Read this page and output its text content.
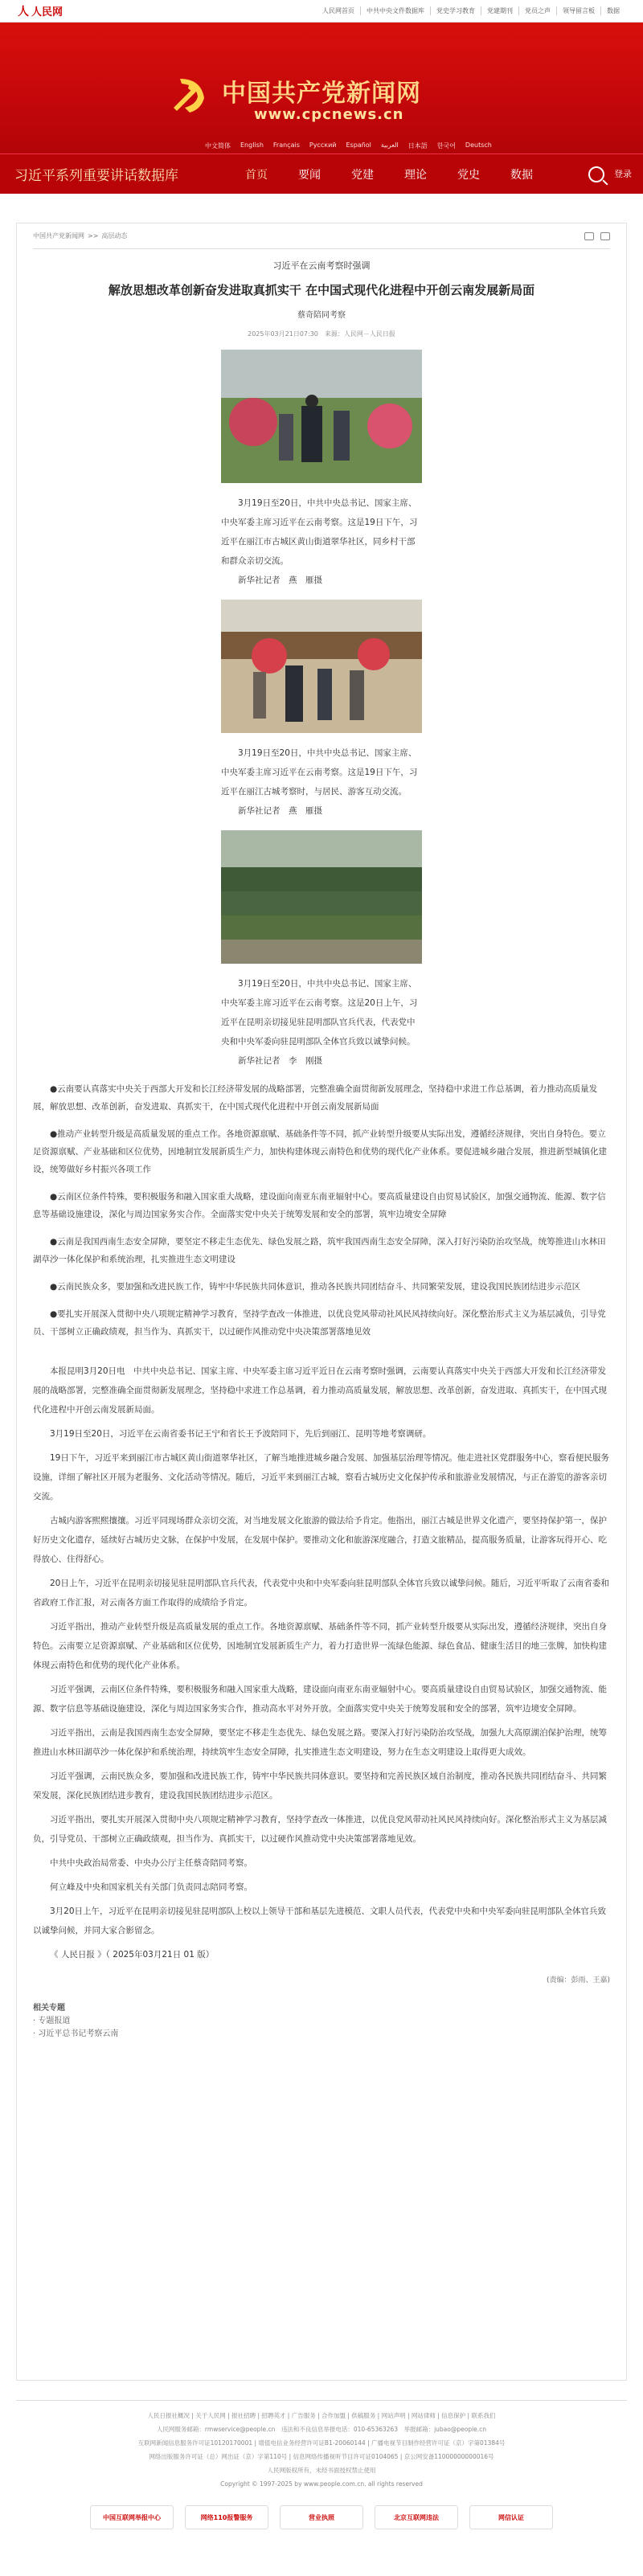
人 人民网	人民网首页	中共中央文件数据库	党史学习教育	党建期刊	党员之声	领导留言板	数据
中国共产党新闻网
www.cpcnews.cn
中文简体 English Français Русский Español العربية 日本語 한국어 Deutsch
习近平系列重要讲话数据库	首页	要闻	党建	理论	党史	数据	登录
中国共产党新闻网 >> 高层动态
习近平在云南考察时强调
解放思想改革创新奋发进取真抓实干 在中国式现代化进程中开创云南发展新局面
蔡奇陪同考察
2025年03月21日07:30　来源：人民网－人民日报
3月19日至20日，中共中央总书记、国家主席、中央军委主席习近平在云南考察。这是19日下午，习近平在丽江市古城区黄山街道翠华社区，同乡村干部和群众亲切交流。
新华社记者　燕　雁摄
3月19日至20日，中共中央总书记、国家主席、中央军委主席习近平在云南考察。这是19日下午，习近平在丽江古城考察时，与居民、游客互动交流。
新华社记者　燕　雁摄
3月19日至20日，中共中央总书记、国家主席、中央军委主席习近平在云南考察。这是20日上午，习近平在昆明亲切接见驻昆明部队官兵代表，代表党中央和中央军委向驻昆明部队全体官兵致以诚挚问候。
新华社记者　李　刚摄
●云南要认真落实中央关于西部大开发和长江经济带发展的战略部署，完整准确全面贯彻新发展理念，坚持稳中求进工作总基调，着力推动高质量发展，解放思想、改革创新，奋发进取、真抓实干，在中国式现代化进程中开创云南发展新局面
●推动产业转型升级是高质量发展的重点工作。各地资源禀赋、基础条件等不同，抓产业转型升级要从实际出发，遵循经济规律，突出自身特色。要立足资源禀赋、产业基础和区位优势，因地制宜发展新质生产力，加快构建体现云南特色和优势的现代化产业体系。要促进城乡融合发展，推进新型城镇化建设，统筹做好乡村振兴各项工作
●云南区位条件特殊，要积极服务和融入国家重大战略，建设面向南亚东南亚辐射中心。要高质量建设自由贸易试验区，加强交通物流、能源、数字信息等基础设施建设，深化与周边国家务实合作。全面落实党中央关于统筹发展和安全的部署，筑牢边境安全屏障
●云南是我国西南生态安全屏障，要坚定不移走生态优先、绿色发展之路，筑牢我国西南生态安全屏障，深入打好污染防治攻坚战，统筹推进山水林田湖草沙一体化保护和系统治理，扎实推进生态文明建设
●云南民族众多，要加强和改进民族工作，铸牢中华民族共同体意识，推动各民族共同团结奋斗、共同繁荣发展，建设我国民族团结进步示范区
●要扎实开展深入贯彻中央八项规定精神学习教育，坚持学查改一体推进，以优良党风带动社风民风持续向好。深化整治形式主义为基层减负，引导党员、干部树立正确政绩观，担当作为、真抓实干，以过硬作风推动党中央决策部署落地见效
本报昆明3月20日电　中共中央总书记、国家主席、中央军委主席习近平近日在云南考察时强调，云南要认真落实中央关于西部大开发和长江经济带发展的战略部署，完整准确全面贯彻新发展理念，坚持稳中求进工作总基调，着力推动高质量发展，解放思想、改革创新，奋发进取、真抓实干，在中国式现代化进程中开创云南发展新局面。
3月19日至20日，习近平在云南省委书记王宁和省长王予波陪同下，先后到丽江、昆明等地考察调研。
19日下午，习近平来到丽江市古城区黄山街道翠华社区，了解当地推进城乡融合发展、加强基层治理等情况。他走进社区党群服务中心，察看便民服务设施，详细了解社区开展为老服务、文化活动等情况。随后，习近平来到丽江古城，察看古城历史文化保护传承和旅游业发展情况，与正在游览的游客亲切交流。
古城内游客熙熙攘攘。习近平同现场群众亲切交流，对当地发展文化旅游的做法给予肯定。他指出，丽江古城是世界文化遗产，要坚持保护第一，保护好历史文化遗存，延续好古城历史文脉，在保护中发展，在发展中保护。要推动文化和旅游深度融合，打造文旅精品，提高服务质量，让游客玩得开心、吃得放心、住得舒心。
20日上午，习近平在昆明亲切接见驻昆明部队官兵代表，代表党中央和中央军委向驻昆明部队全体官兵致以诚挚问候。随后，习近平听取了云南省委和省政府工作汇报，对云南各方面工作取得的成绩给予肯定。
习近平指出，推动产业转型升级是高质量发展的重点工作。各地资源禀赋、基础条件等不同，抓产业转型升级要从实际出发，遵循经济规律，突出自身特色。云南要立足资源禀赋、产业基础和区位优势，因地制宜发展新质生产力，着力打造世界一流绿色能源、绿色食品、健康生活目的地三张牌，加快构建体现云南特色和优势的现代化产业体系。
习近平强调，云南区位条件特殊，要积极服务和融入国家重大战略，建设面向南亚东南亚辐射中心。要高质量建设自由贸易试验区，加强交通物流、能源、数字信息等基础设施建设，深化与周边国家务实合作，推动高水平对外开放。全面落实党中央关于统筹发展和安全的部署，筑牢边境安全屏障。
习近平指出，云南是我国西南生态安全屏障，要坚定不移走生态优先、绿色发展之路。要深入打好污染防治攻坚战，加强九大高原湖泊保护治理，统筹推进山水林田湖草沙一体化保护和系统治理，持续筑牢生态安全屏障，扎实推进生态文明建设，努力在生态文明建设上取得更大成效。
习近平强调，云南民族众多，要加强和改进民族工作，铸牢中华民族共同体意识。要坚持和完善民族区域自治制度，推动各民族共同团结奋斗、共同繁荣发展，深化民族团结进步教育，建设我国民族团结进步示范区。
习近平指出，要扎实开展深入贯彻中央八项规定精神学习教育，坚持学查改一体推进，以优良党风带动社风民风持续向好。深化整治形式主义为基层减负，引导党员、干部树立正确政绩观，担当作为、真抓实干，以过硬作风推动党中央决策部署落地见效。
中共中央政治局常委、中央办公厅主任蔡奇陪同考察。
何立峰及中央和国家机关有关部门负责同志陪同考察。
3月20日上午，习近平在昆明亲切接见驻昆明部队上校以上领导干部和基层先进模范、文职人员代表，代表党中央和中央军委向驻昆明部队全体官兵致以诚挚问候，并同大家合影留念。
《 人民日报 》（ 2025年03月21日 01 版）
(责编：彭雨、王嘉)
相关专题
· 专题报道
· 习近平总书记考察云南
人民日报社概况 | 关于人民网 | 报社招聘 | 招聘英才 | 广告服务 | 合作加盟 | 供稿服务 | 网站声明 | 网站律师 | 信息保护 | 联系我们
人民网服务邮箱：rmwservice@people.cn　违法和不良信息举报电话：010-65363263　举报邮箱：jubao@people.cn
互联网新闻信息服务许可证10120170001 | 增值电信业务经营许可证B1-20060144 | 广播电视节目制作经营许可证（京）字第01384号
网络出版服务许可证（总）网出证（京）字第110号 | 信息网络传播视听节目许可证0104065 | 京公网安备11000000000016号
人民网版权所有，未经书面授权禁止使用
Copyright © 1997-2025 by www.people.com.cn. all rights reserved
中国互联网举报中心	网络110报警服务	营业执照	北京互联网违法	网信认证
